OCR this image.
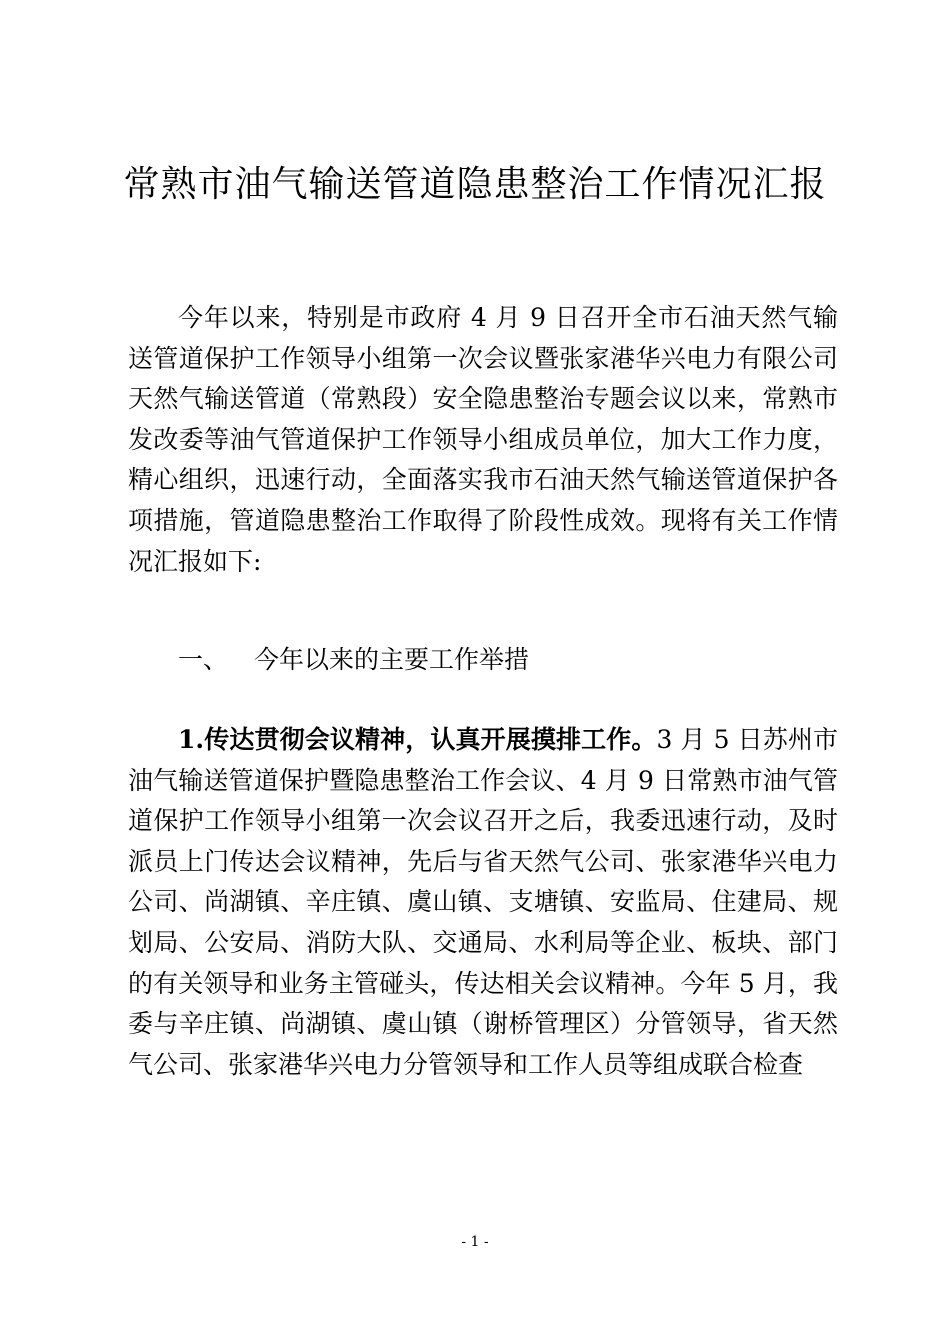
常熟市油气输送管道隐患整治工作情况汇报

今年以来，特别是市政府 4 月 9 日召开全市石油天然气输送管道保护工作领导小组第一次会议暨张家港华兴电力有限公司天然气输送管道（常熟段）安全隐患整治专题会议以来，常熟市发改委等油气管道保护工作领导小组成员单位，加大工作力度，精心组织，迅速行动，全面落实我市石油天然气输送管道保护各项措施，管道隐患整治工作取得了阶段性成效。现将有关工作情况汇报如下:

一、 今年以来的主要工作举措

1.传达贯彻会议精神，认真开展摸排工作。3 月 5 日苏州市油气输送管道保护暨隐患整治工作会议、4 月 9 日常熟市油气管道保护工作领导小组第一次会议召开之后，我委迅速行动，及时派员上门传达会议精神，先后与省天然气公司、张家港华兴电力公司、尚湖镇、辛庄镇、虞山镇、支塘镇、安监局、住建局、规划局、公安局、消防大队、交通局、水利局等企业、板块、部门的有关领导和业务主管碰头，传达相关会议精神。今年 5 月，我委与辛庄镇、尚湖镇、虞山镇（谢桥管理区）分管领导，省天然气公司、张家港华兴电力分管领导和工作人员等组成联合检查

- 1 -
